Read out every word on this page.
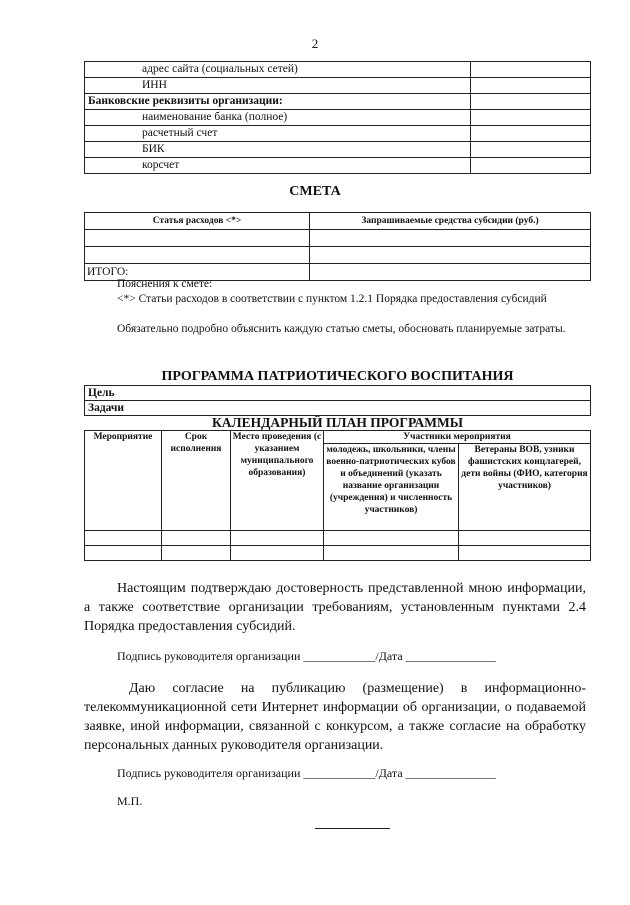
2
адрес сайта (социальных сетей)	
ИНН	
Банковские реквизиты организации:	
наименование банка (полное)	
расчетный счет	
БИК	
корсчет	
СМЕТА
Статья расходов <*>	Запрашиваемые средства субсидии (руб.)

ИТОГО:	
Пояснения к смете:
<*> Статьи расходов в соответствии с пунктом 1.2.1 Порядка предоставления субсидий
Обязательно подробно объяснить каждую статью сметы, обосновать планируемые затраты.
ПРОГРАММА ПАТРИОТИЧЕСКОГО ВОСПИТАНИЯ
Цель
Задачи
КАЛЕНДАРНЫЙ ПЛАН ПРОГРАММЫ
Мероприятие	Срок исполнения	Место проведения (с указанием муниципального образования)	Участники мероприятия	
			молодежь, школьники, члены военно-патриотических кубов и объединений (указать название организации (учреждения) и численность участников)	Ветераны ВОВ, узники фашистских концлагерей, дети войны (ФИО, категория участников)

Настоящим подтверждаю достоверность представленной мною информации, а также соответствие организации требованиям, установленным пунктами 2.4 Порядка предоставления субсидий.
Подпись руководителя организации ____________/Дата _______________
Даю согласие на публикацию (размещение) в информационно-телекоммуникационной сети Интернет информации об организации, о подаваемой заявке, иной информации, связанной с конкурсом, а также согласие на обработку персональных данных руководителя организации.
Подпись руководителя организации ____________/Дата _______________
М.П.
